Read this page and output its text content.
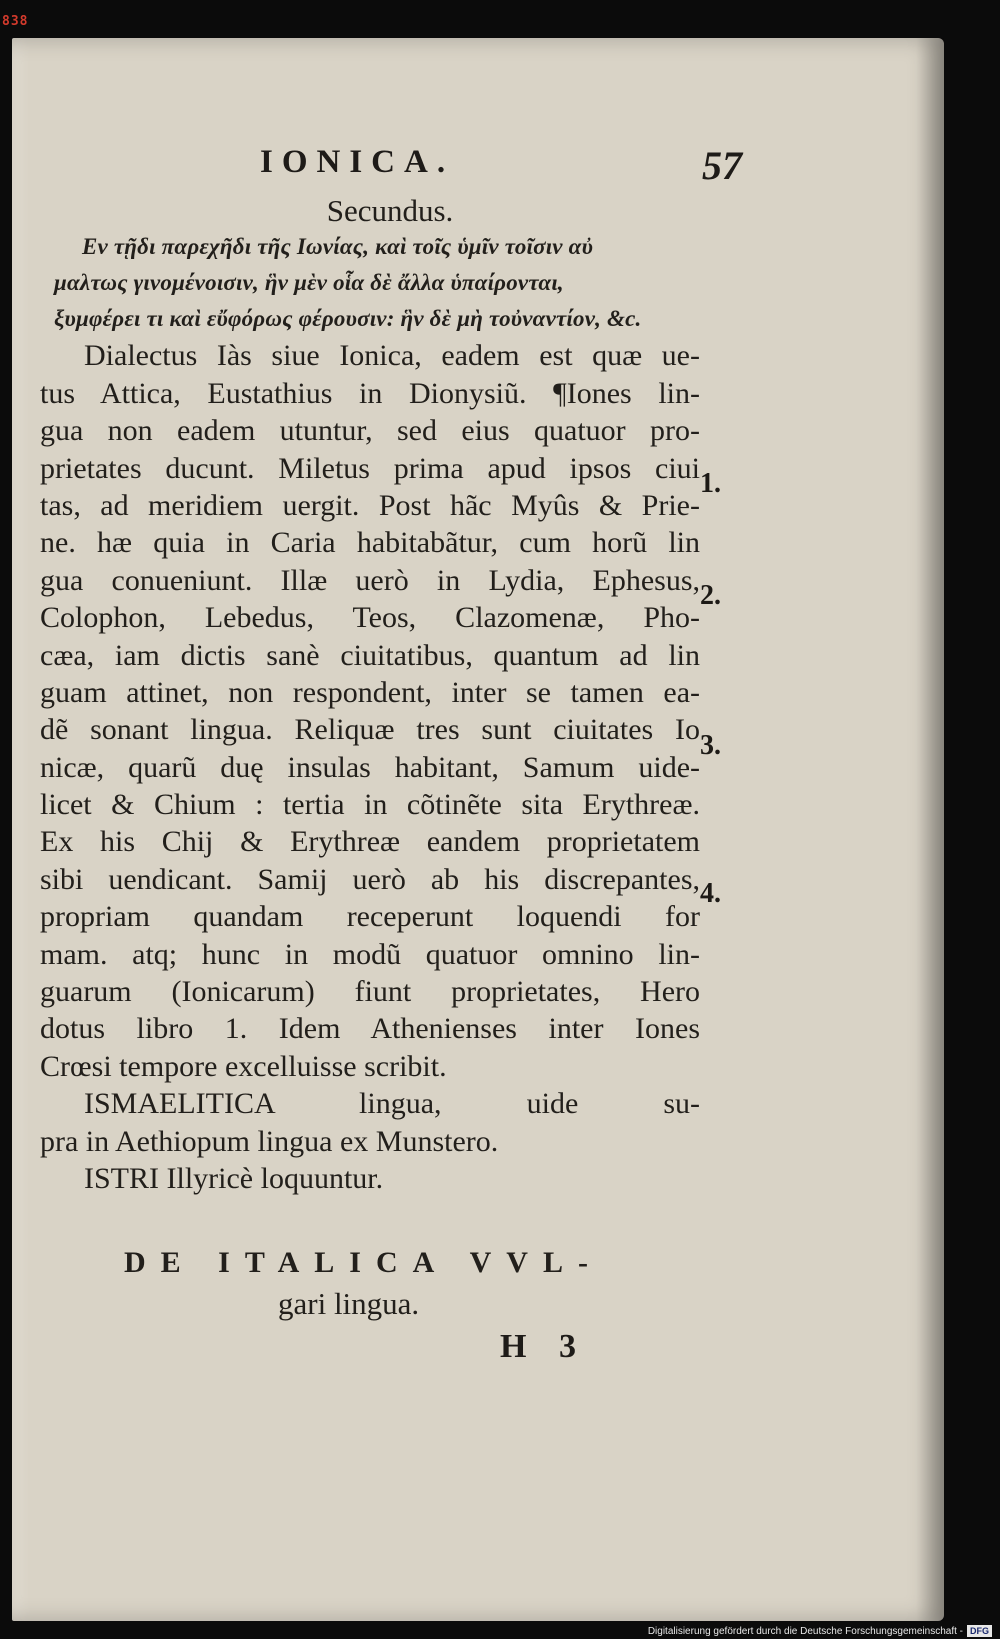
838
IONICA.	57
Secundus.
Eν τῇδι παρεχῆδι τῆς Ιωνίας, καὶ τοῖς ὑμῖν τοῖσιν αὐ
μαλτως γινομένοισιν, ἣν μὲν οἷα δὲ ἄλλα ὑπαίρονται,
ξυμφέρει τι καὶ εὔφόρως φέρουσιν: ἣν δὲ μὴ τοὐναντίον, &c.
Dialectus Iàs siue Ionica, eadem est quæ ue-
tus Attica, Eustathius in Dionysiũ. ¶Iones lin-
gua non eadem utuntur, sed eius quatuor pro-
prietates ducunt. Miletus prima apud ipsos ciui
tas, ad meridiem uergit. Post hãc Myûs & Prie-
ne. hæ quia in Caria habitabãtur, cum horũ lin
gua conueniunt. Illæ uerò in Lydia, Ephesus,
Colophon, Lebedus, Teos, Clazomenæ, Pho-
cæa, iam dictis sanè ciuitatibus, quantum ad lin
guam attinet, non respondent, inter se tamen ea-
dẽ sonant lingua. Reliquæ tres sunt ciuitates Io
nicæ, quarũ duę insulas habitant, Samum uide-
licet & Chium : tertia in cõtinẽte sita Erythreæ.
Ex his Chij & Erythreæ eandem proprietatem
sibi uendicant. Samij uerò ab his discrepantes,
propriam quandam receperunt loquendi for
mam. atq; hunc in modũ quatuor omnino lin-
guarum (Ionicarum) fiunt proprietates, Hero
dotus libro 1. Idem Athenienses inter Iones
Crœsi tempore excelluisse scribit.
ISMAELITICA lingua, uide su-
pra in Aethiopum lingua ex Munstero.
ISTRI Illyricè loquuntur.
1.
2.
3.
4.
DE ITALICA VVL-
gari lingua.
H 3
Digitalisierung gefördert durch die Deutsche Forschungsgemeinschaft - DFG
